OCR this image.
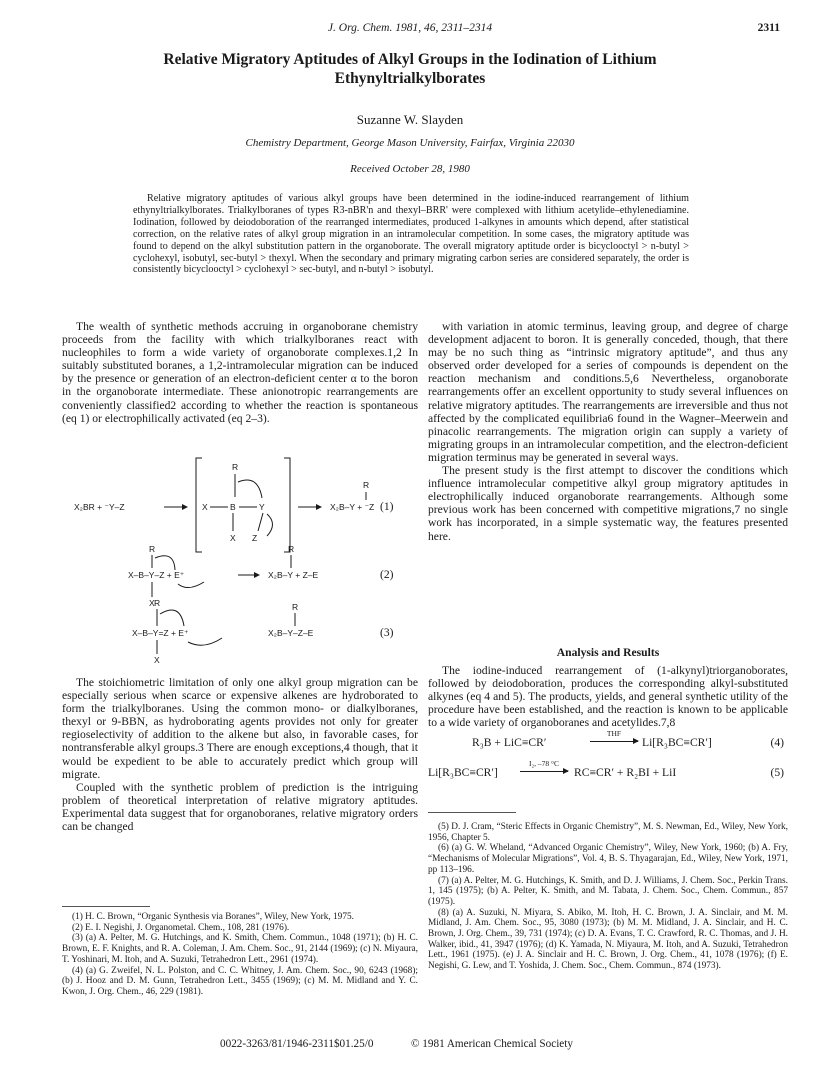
J. Org. Chem. 1981, 46, 2311–2314	2311
Relative Migratory Aptitudes of Alkyl Groups in the Iodination of Lithium Ethynyltrialkylborates
Suzanne W. Slayden
Chemistry Department, George Mason University, Fairfax, Virginia 22030
Received October 28, 1980
Relative migratory aptitudes of various alkyl groups have been determined in the iodine-induced rearrangement of lithium ethynyltrialkylborates. Trialkylboranes of types R3-nBR'n and thexyl–BRR' were complexed with lithium acetylide–ethylenediamine. Iodination, followed by deiodoboration of the rearranged intermediates, produced 1-alkynes in amounts which depend, after statistical correction, on the relative rates of alkyl group migration in an intramolecular competition. In some cases, the migratory aptitude was found to depend on the alkyl substitution pattern in the organoborate. The overall migratory aptitude order is bicyclooctyl > n-butyl > cyclohexyl, isobutyl, sec-butyl > thexyl. When the secondary and primary migrating carbon series are considered separately, the order is consistently bicyclooctyl > cyclohexyl > sec-butyl, and n-butyl > isobutyl.

The wealth of synthetic methods accruing in organoborane chemistry proceeds from the facility with which trialkylboranes react with nucleophiles to form a wide variety of organoborate complexes.1,2 In suitably substituted boranes, a 1,2-intramolecular migration can be induced by the presence or generation of an electron-deficient center α to the boron in the organoborate intermediate. These anionotropic rearrangements are conveniently classified2 according to whether the reaction is spontaneous (eq 1) or electrophilically activated (eq 2–3).

X₂BR + ⁻Y–Z
R
X	B	Y
X Z
R
X₂B–Y + ⁻Z (1)
R
X–B–Y–Z + E⁺
X
R
X₂B–Y + Z–E	(2)
R
X–B–Y=Z + E⁺
X
R
X₂B–Y–Z–E	(3)

The stoichiometric limitation of only one alkyl group migration can be especially serious when scarce or expensive alkenes are hydroborated to form the trialkylboranes. Using the common mono- or dialkylboranes, thexyl or 9-BBN, as hydroborating agents provides not only for greater regioselectivity of addition to the alkene but also, in favorable cases, for nontransferable alkyl groups.3 There are enough exceptions,4 though, that it would be expedient to be able to accurately predict which group will migrate.

Coupled with the synthetic problem of prediction is the intriguing problem of theoretical interpretation of relative migratory aptitudes. Experimental data suggest that for organoboranes, relative migratory orders can be changed

with variation in atomic terminus, leaving group, and degree of charge development adjacent to boron. It is generally conceded, though, that there may be no such thing as “intrinsic migratory aptitude”, and thus any observed order developed for a series of compounds is dependent on the reaction mechanism and conditions.5,6 Nevertheless, organoborate rearrangements offer an excellent opportunity to study several influences on relative migratory aptitudes. The rearrangements are irreversible and thus not affected by the complicated equilibria6 found in the Wagner–Meerwein and pinacolic rearrangements. The migration origin can supply a variety of migrating groups in an intramolecular competition, and the electron-deficient migration terminus may be generated in several ways.

The present study is the first attempt to discover the conditions which influence intramolecular competitive alkyl group migratory aptitudes in electrophilically induced organoborate rearrangements. Although some previous work has been concerned with competitive migrations,7 no single work has incorporated, in a simple systematic way, the features presented here.

Analysis and Results

The iodine-induced rearrangement of (1-alkynyl)triorganoborates, followed by deiodoboration, produces the corresponding alkyl-substituted alkynes (eq 4 and 5). The products, yields, and general synthetic utility of the procedure have been established, and the reaction is known to be applicable to a wide variety of organoboranes and acetylides.7,8

R₃B + LiC≡CR′
THF
Li[R₃BC≡CR′]	(4)
Li[R₃BC≡CR′]
I₂, –78 °C
RC≡CR′ + R₂BI + LiI	(5)

(1) H. C. Brown, “Organic Synthesis via Boranes”, Wiley, New York, 1975.

(2) E. I. Negishi, J. Organometal. Chem., 108, 281 (1976).

(3) (a) A. Pelter, M. G. Hutchings, and K. Smith, Chem. Commun., 1048 (1971); (b) H. C. Brown, E. F. Knights, and R. A. Coleman, J. Am. Chem. Soc., 91, 2144 (1969); (c) N. Miyaura, T. Yoshinari, M. Itoh, and A. Suzuki, Tetrahedron Lett., 2961 (1974).

(4) (a) G. Zweifel, N. L. Polston, and C. C. Whitney, J. Am. Chem. Soc., 90, 6243 (1968); (b) J. Hooz and D. M. Gunn, Tetrahedron Lett., 3455 (1969); (c) M. M. Midland and Y. C. Kwon, J. Org. Chem., 46, 229 (1981).

(5) D. J. Cram, “Steric Effects in Organic Chemistry”, M. S. Newman, Ed., Wiley, New York, 1956, Chapter 5.

(6) (a) G. W. Wheland, “Advanced Organic Chemistry”, Wiley, New York, 1960; (b) A. Fry, “Mechanisms of Molecular Migrations”, Vol. 4, B. S. Thyagarajan, Ed., Wiley, New York, 1971, pp 113–196.

(7) (a) A. Pelter, M. G. Hutchings, K. Smith, and D. J. Williams, J. Chem. Soc., Perkin Trans. 1, 145 (1975); (b) A. Pelter, K. Smith, and M. Tabata, J. Chem. Soc., Chem. Commun., 857 (1975).

(8) (a) A. Suzuki, N. Miyara, S. Abiko, M. Itoh, H. C. Brown, J. A. Sinclair, and M. M. Midland, J. Am. Chem. Soc., 95, 3080 (1973); (b) M. M. Midland, J. A. Sinclair, and H. C. Brown, J. Org. Chem., 39, 731 (1974); (c) D. A. Evans, T. C. Crawford, R. C. Thomas, and J. H. Walker, ibid., 41, 3947 (1976); (d) K. Yamada, N. Miyaura, M. Itoh, and A. Suzuki, Tetrahedron Lett., 1961 (1975). (e) J. A. Sinclair and H. C. Brown, J. Org. Chem., 41, 1078 (1976); (f) E. Negishi, G. Lew, and T. Yoshida, J. Chem. Soc., Chem. Commun., 874 (1973).

0022-3263/81/1946-2311$01.25/0	© 1981 American Chemical Society
